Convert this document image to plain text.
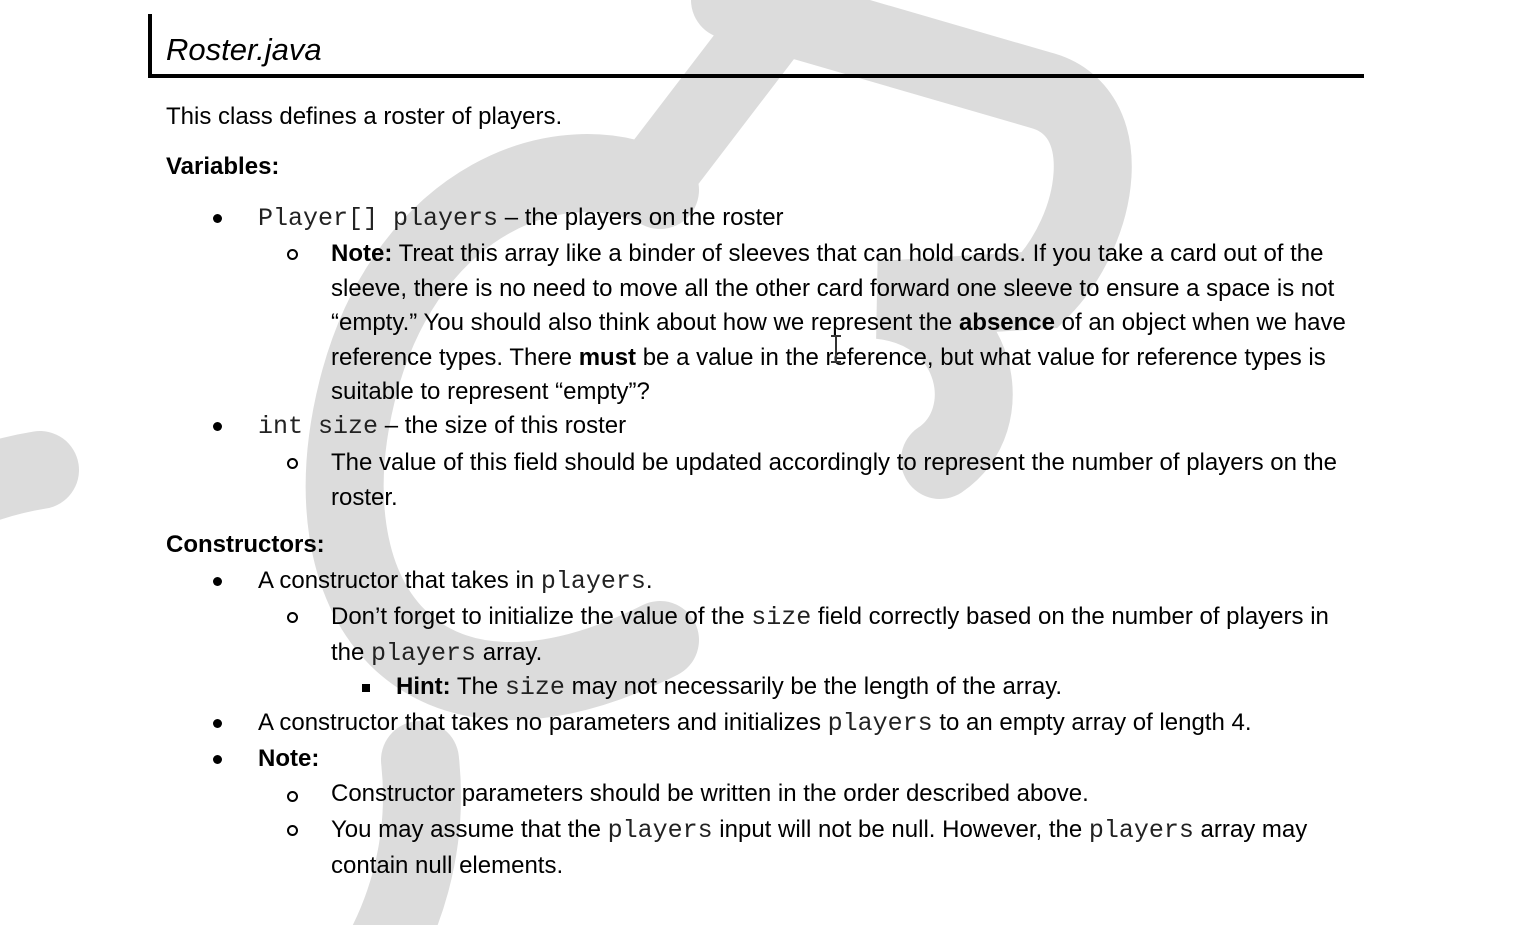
Roster.java
This class defines a roster of players.
Variables:
Player[] players – the players on the roster
Note: Treat this array like a binder of sleeves that can hold cards. If you take a card out of the sleeve, there is no need to move all the other card forward one sleeve to ensure a space is not “empty.” You should also think about how we represent the absence of an object when we have reference types. There must be a value in the reference, but what value for reference types is suitable to represent “empty”?
int size – the size of this roster
The value of this field should be updated accordingly to represent the number of players on the roster.
Constructors:
A constructor that takes in players.
Don’t forget to initialize the value of the size field correctly based on the number of players in the players array.
Hint: The size may not necessarily be the length of the array.
A constructor that takes no parameters and initializes players to an empty array of length 4.
Note:
Constructor parameters should be written in the order described above.
You may assume that the players input will not be null. However, the players array may contain null elements.
